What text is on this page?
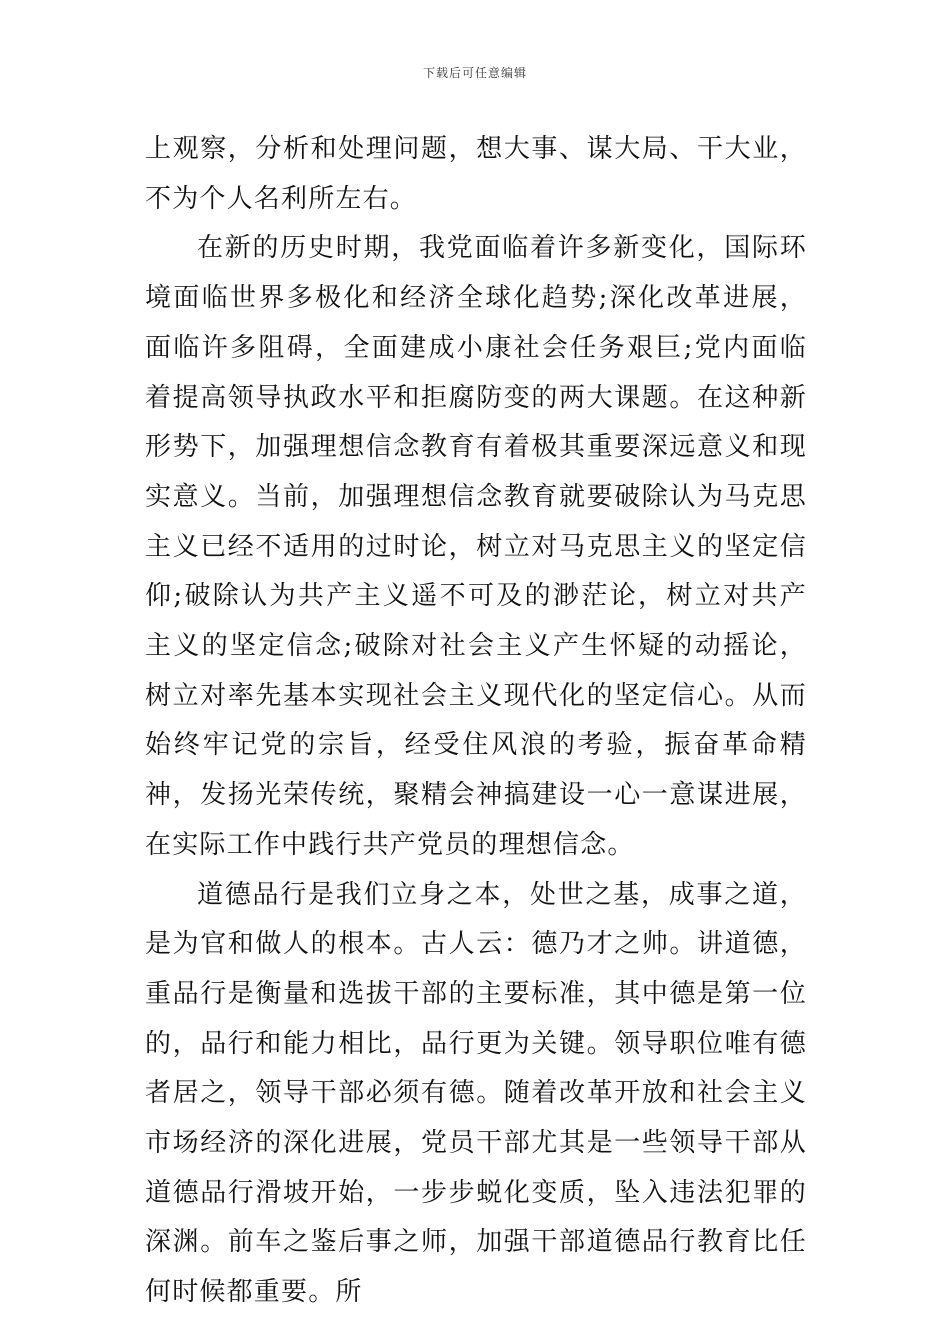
下载后可任意编辑

上观察，分析和处理问题，想大事、谋大局、干大业，不为个人名利所左右。

在新的历史时期，我党面临着许多新变化，国际环境面临世界多极化和经济全球化趋势;深化改革进展，面临许多阻碍，全面建成小康社会任务艰巨;党内面临着提高领导执政水平和拒腐防变的两大课题。在这种新形势下，加强理想信念教育有着极其重要深远意义和现实意义。当前，加强理想信念教育就要破除认为马克思主义已经不适用的过时论，树立对马克思主义的坚定信仰;破除认为共产主义遥不可及的渺茫论，树立对共产主义的坚定信念;破除对社会主义产生怀疑的动摇论，树立对率先基本实现社会主义现代化的坚定信心。从而始终牢记党的宗旨，经受住风浪的考验，振奋革命精神，发扬光荣传统，聚精会神搞建设一心一意谋进展，在实际工作中践行共产党员的理想信念。

道德品行是我们立身之本，处世之基，成事之道，是为官和做人的根本。古人云：德乃才之帅。讲道德，重品行是衡量和选拔干部的主要标准，其中德是第一位的，品行和能力相比，品行更为关键。领导职位唯有德者居之，领导干部必须有德。随着改革开放和社会主义市场经济的深化进展，党员干部尤其是一些领导干部从道德品行滑坡开始，一步步蜕化变质，坠入违法犯罪的深渊。前车之鉴后事之师，加强干部道德品行教育比任何时候都重要。所
